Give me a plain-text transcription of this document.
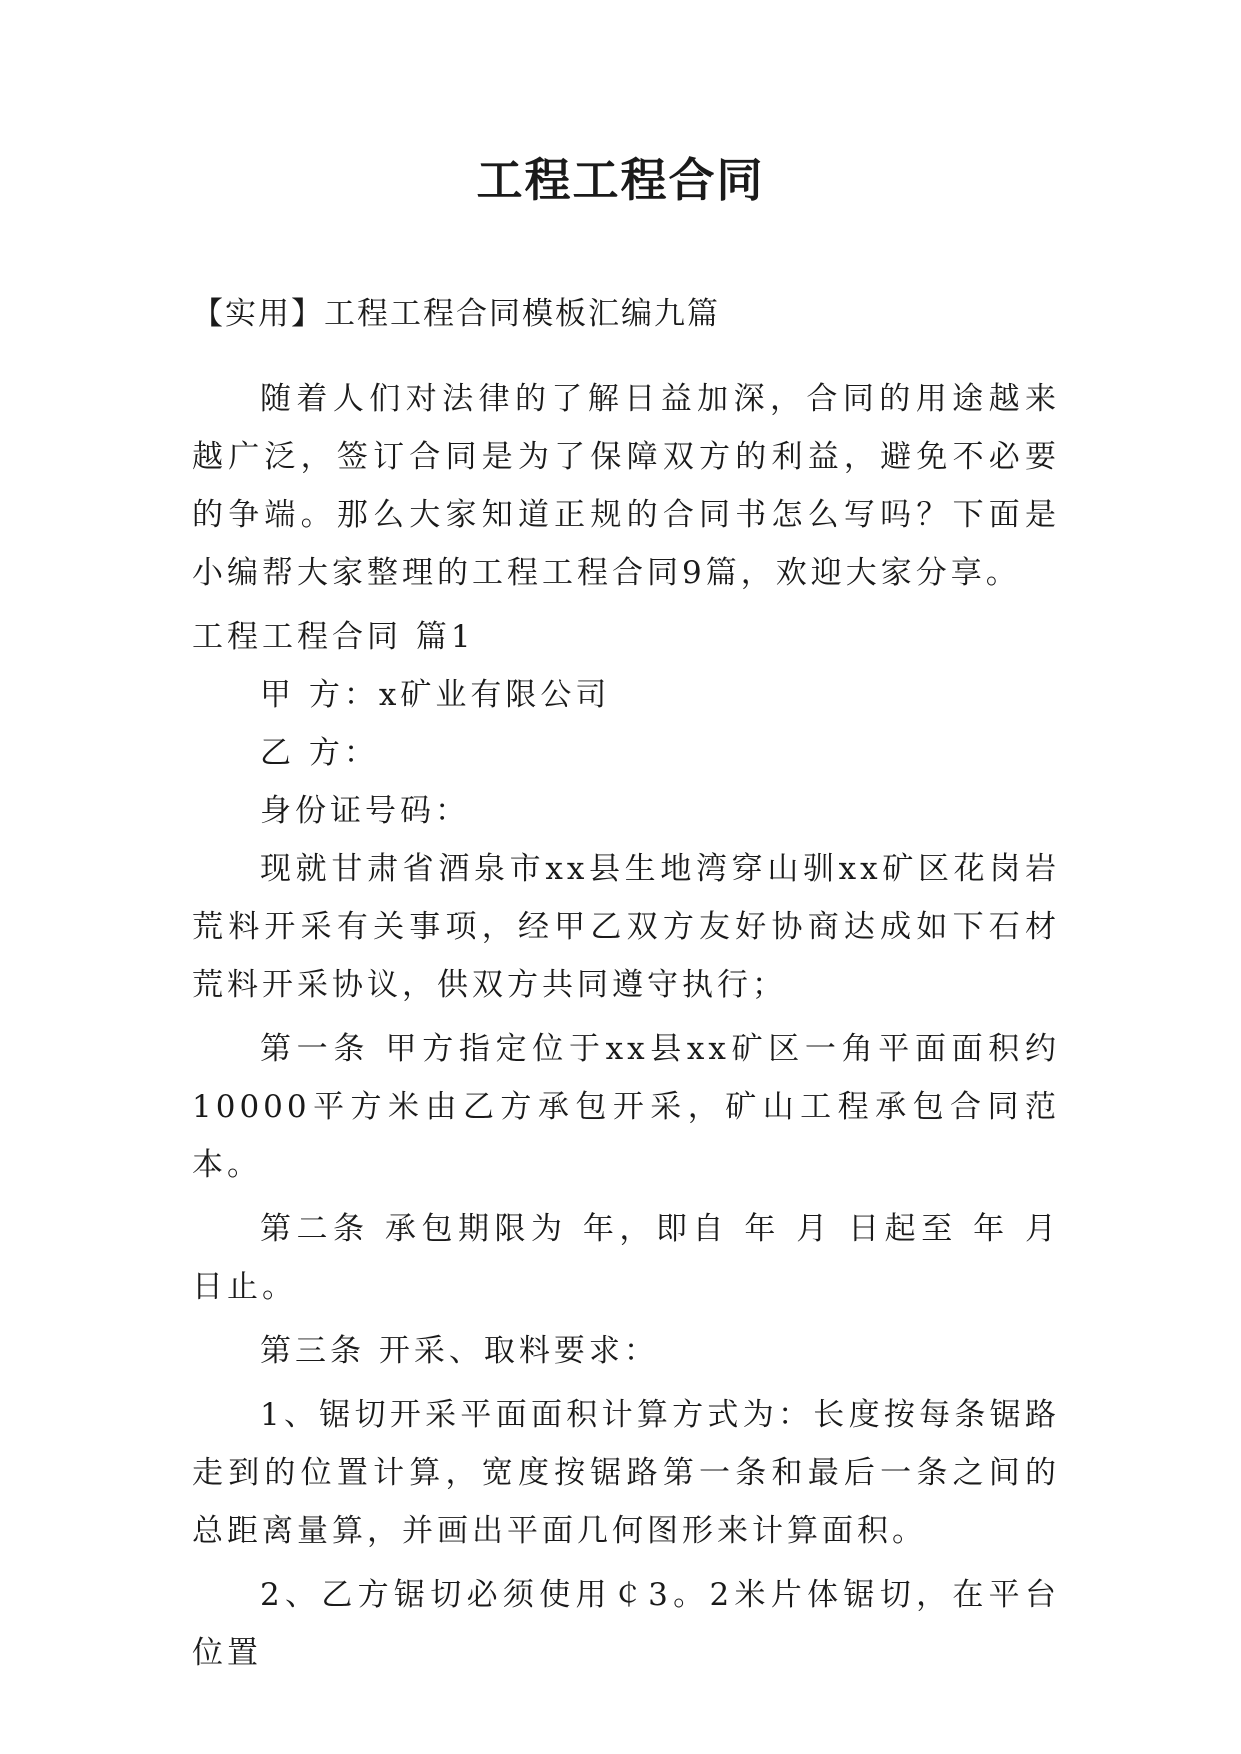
工程工程合同
【实用】工程工程合同模板汇编九篇

随着人们对法律的了解日益加深，合同的用途越来越广泛，签订合同是为了保障双方的利益，避免不必要的争端。那么大家知道正规的合同书怎么写吗？下面是小编帮大家整理的工程工程合同9篇，欢迎大家分享。

工程工程合同 篇1

甲 方：x矿业有限公司

乙 方：

身份证号码：

现就甘肃省酒泉市xx县生地湾穿山驯xx矿区花岗岩荒料开采有关事项，经甲乙双方友好协商达成如下石材荒料开采协议，供双方共同遵守执行；

第一条 甲方指定位于xx县xx矿区一角平面面积约10000平方米由乙方承包开采，矿山工程承包合同范本。

第二条 承包期限为 年，即自 年 月 日起至 年 月 日止。

第三条 开采、取料要求：

1、锯切开采平面面积计算方式为：长度按每条锯路走到的位置计算，宽度按锯路第一条和最后一条之间的总距离量算，并画出平面几何图形来计算面积。

2、乙方锯切必须使用￠3。2米片体锯切，在平台位置
